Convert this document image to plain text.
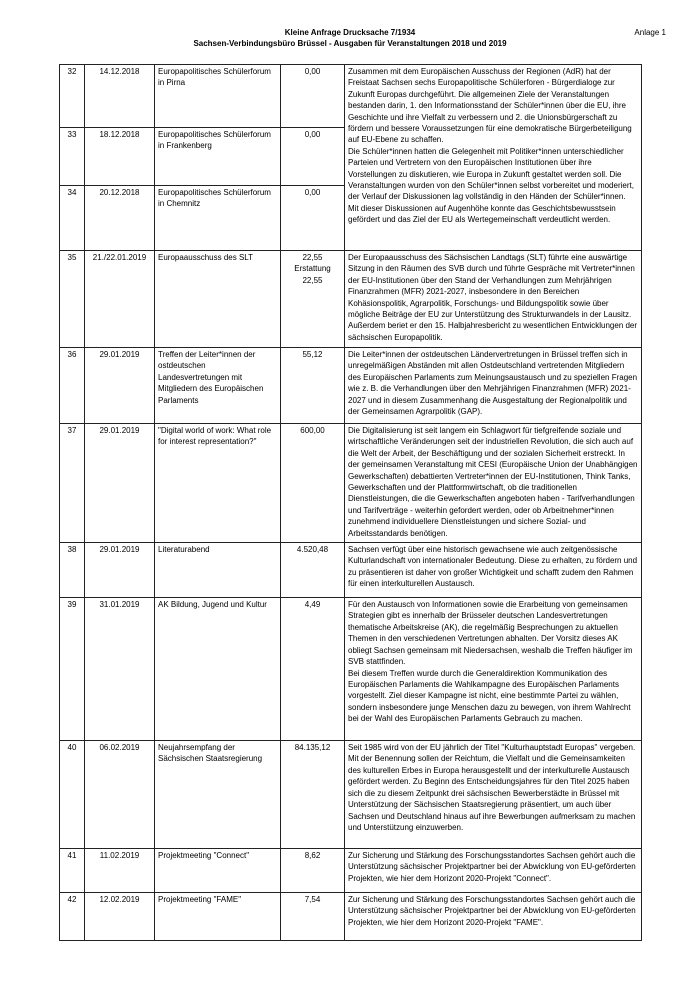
Kleine Anfrage Drucksache 7/1934
Sachsen-Verbindungsbüro Brüssel - Ausgaben für Veranstaltungen 2018 und 2019
Anlage 1
32	14.12.2018	Europapolitisches Schülerforum in Pirna	0,00	Zusammen mit dem Europäischen Ausschuss der Regionen (AdR) hat der Freistaat Sachsen sechs Europapolitische Schülerforen - Bürgerdialoge zur Zukunft Europas durchgeführt. Die allgemeinen Ziele der Veranstaltungen bestanden darin, 1. den Informationsstand der Schüler*innen über die EU, ihre Geschichte und ihre Vielfalt zu verbessern und 2. die Unionsbürgerschaft zu fördern und bessere Voraussetzungen für eine demokratische Bürgerbeteiligung auf EU-Ebene zu schaffen.
Die Schüler*innen hatten die Gelegenheit mit Politiker*innen unterschiedlicher Parteien und Vertretern von den Europäischen Institutionen über ihre Vorstellungen zu diskutieren, wie Europa in Zukunft gestaltet werden soll. Die Veranstaltungen wurden von den Schüler*innen selbst vorbereitet und moderiert, der Verlauf der Diskussionen lag vollständig in den Händen der Schüler*innen. Mit dieser Diskussionen auf Augenhöhe konnte das Geschichtsbewusstsein gefördert und das Ziel der EU als Wertegemeinschaft verdeutlicht werden.
33	18.12.2018	Europapolitisches Schülerforum in Frankenberg	0,00	
34	20.12.2018	Europapolitisches Schülerforum in Chemnitz	0,00	
35	21./22.01.2019	Europaausschuss des SLT	22,55 Erstattung 22,55	Der Europaausschuss des Sächsischen Landtags (SLT) führte eine auswärtige Sitzung in den Räumen des SVB durch und führte Gespräche mit Vertreter*innen der EU-Institutionen über den Stand der Verhandlungen zum Mehrjährigen Finanzrahmen (MFR) 2021-2027, insbesondere in den Bereichen Kohäsionspolitik, Agrarpolitik, Forschungs- und Bildungspolitik sowie über mögliche Beiträge der EU zur Unterstützung des Strukturwandels in der Lausitz. Außerdem beriet er den 15. Halbjahresbericht zu wesentlichen Entwicklungen der sächsischen Europapolitik.
36	29.01.2019	Treffen der Leiter*innen der ostdeutschen Landesvertretungen mit Mitgliedern des Europäischen Parlaments	55,12	Die Leiter*innen der ostdeutschen Ländervertretungen in Brüssel treffen sich in unregelmäßigen Abständen mit allen Ostdeutschland vertretenden Mitgliedern des Europäischen Parlaments zum Meinungsaustausch und zu speziellen Fragen wie z. B. die Verhandlungen über den Mehrjährigen Finanzrahmen (MFR) 2021-2027 und in diesem Zusammenhang die Ausgestaltung der Regionalpolitik und der Gemeinsamen Agrarpolitik (GAP).
37	29.01.2019	"Digital world of work: What role for interest representation?"	600,00	Die Digitalisierung ist seit langem ein Schlagwort für tiefgreifende soziale und wirtschaftliche Veränderungen seit der industriellen Revolution, die sich auch auf die Welt der Arbeit, der Beschäftigung und der sozialen Sicherheit erstreckt. In der gemeinsamen Veranstaltung mit CESI (Europäische Union der Unabhängigen Gewerkschaften) debattierten Vertreter*innen der EU-Institutionen, Think Tanks, Gewerkschaften und der Plattformwirtschaft, ob die traditionellen Dienstleistungen, die die Gewerkschaften angeboten haben - Tarifverhandlungen und Tarifverträge - weiterhin gefordert werden, oder ob Arbeitnehmer*innen zunehmend individuellere Dienstleistungen und sichere Sozial- und Arbeitsstandards benötigen.
38	29.01.2019	Literaturabend	4.520,48	Sachsen verfügt über eine historisch gewachsene wie auch zeitgenössische Kulturlandschaft von internationaler Bedeutung. Diese zu erhalten, zu fördern und zu präsentieren ist daher von großer Wichtigkeit und schafft zudem den Rahmen für einen interkulturellen Austausch.
39	31.01.2019	AK Bildung, Jugend und Kultur	4,49	Für den Austausch von Informationen sowie die Erarbeitung von gemeinsamen Strategien gibt es innerhalb der Brüsseler deutschen Landesvertretungen thematische Arbeitskreise (AK), die regelmäßig Besprechungen zu aktuellen Themen in den verschiedenen Vertretungen abhalten. Der Vorsitz dieses AK obliegt Sachsen gemeinsam mit Niedersachsen, weshalb die Treffen häufiger im SVB stattfinden.
Bei diesem Treffen wurde durch die Generaldirektion Kommunikation des Europäischen Parlaments die Wahlkampagne des Europäischen Parlaments vorgestellt. Ziel dieser Kampagne ist nicht, eine bestimmte Partei zu wählen, sondern insbesondere junge Menschen dazu zu bewegen, von ihrem Wahlrecht bei der Wahl des Europäischen Parlaments Gebrauch zu machen.
40	06.02.2019	Neujahrsempfang der Sächsischen Staatsregierung	84.135,12	Seit 1985 wird von der EU jährlich der Titel "Kulturhauptstadt Europas" vergeben. Mit der Benennung sollen der Reichtum, die Vielfalt und die Gemeinsamkeiten des kulturellen Erbes in Europa herausgestellt und der interkulturelle Austausch gefördert werden. Zu Beginn des Entscheidungsjahres für den Titel 2025 haben sich die zu diesem Zeitpunkt drei sächsischen Bewerberstädte in Brüssel mit Unterstützung der Sächsischen Staatsregierung präsentiert, um auch über Sachsen und Deutschland hinaus auf ihre Bewerbungen aufmerksam zu machen und Unterstützung einzuwerben.
41	11.02.2019	Projektmeeting "Connect"	8,62	Zur Sicherung und Stärkung des Forschungsstandortes Sachsen gehört auch die Unterstützung sächsischer Projektpartner bei der Abwicklung von EU-geförderten Projekten, wie hier dem Horizont 2020-Projekt "Connect".
42	12.02.2019	Projektmeeting "FAME"	7,54	Zur Sicherung und Stärkung des Forschungsstandortes Sachsen gehört auch die Unterstützung sächsischer Projektpartner bei der Abwicklung von EU-geförderten Projekten, wie hier dem Horizont 2020-Projekt "FAME".
